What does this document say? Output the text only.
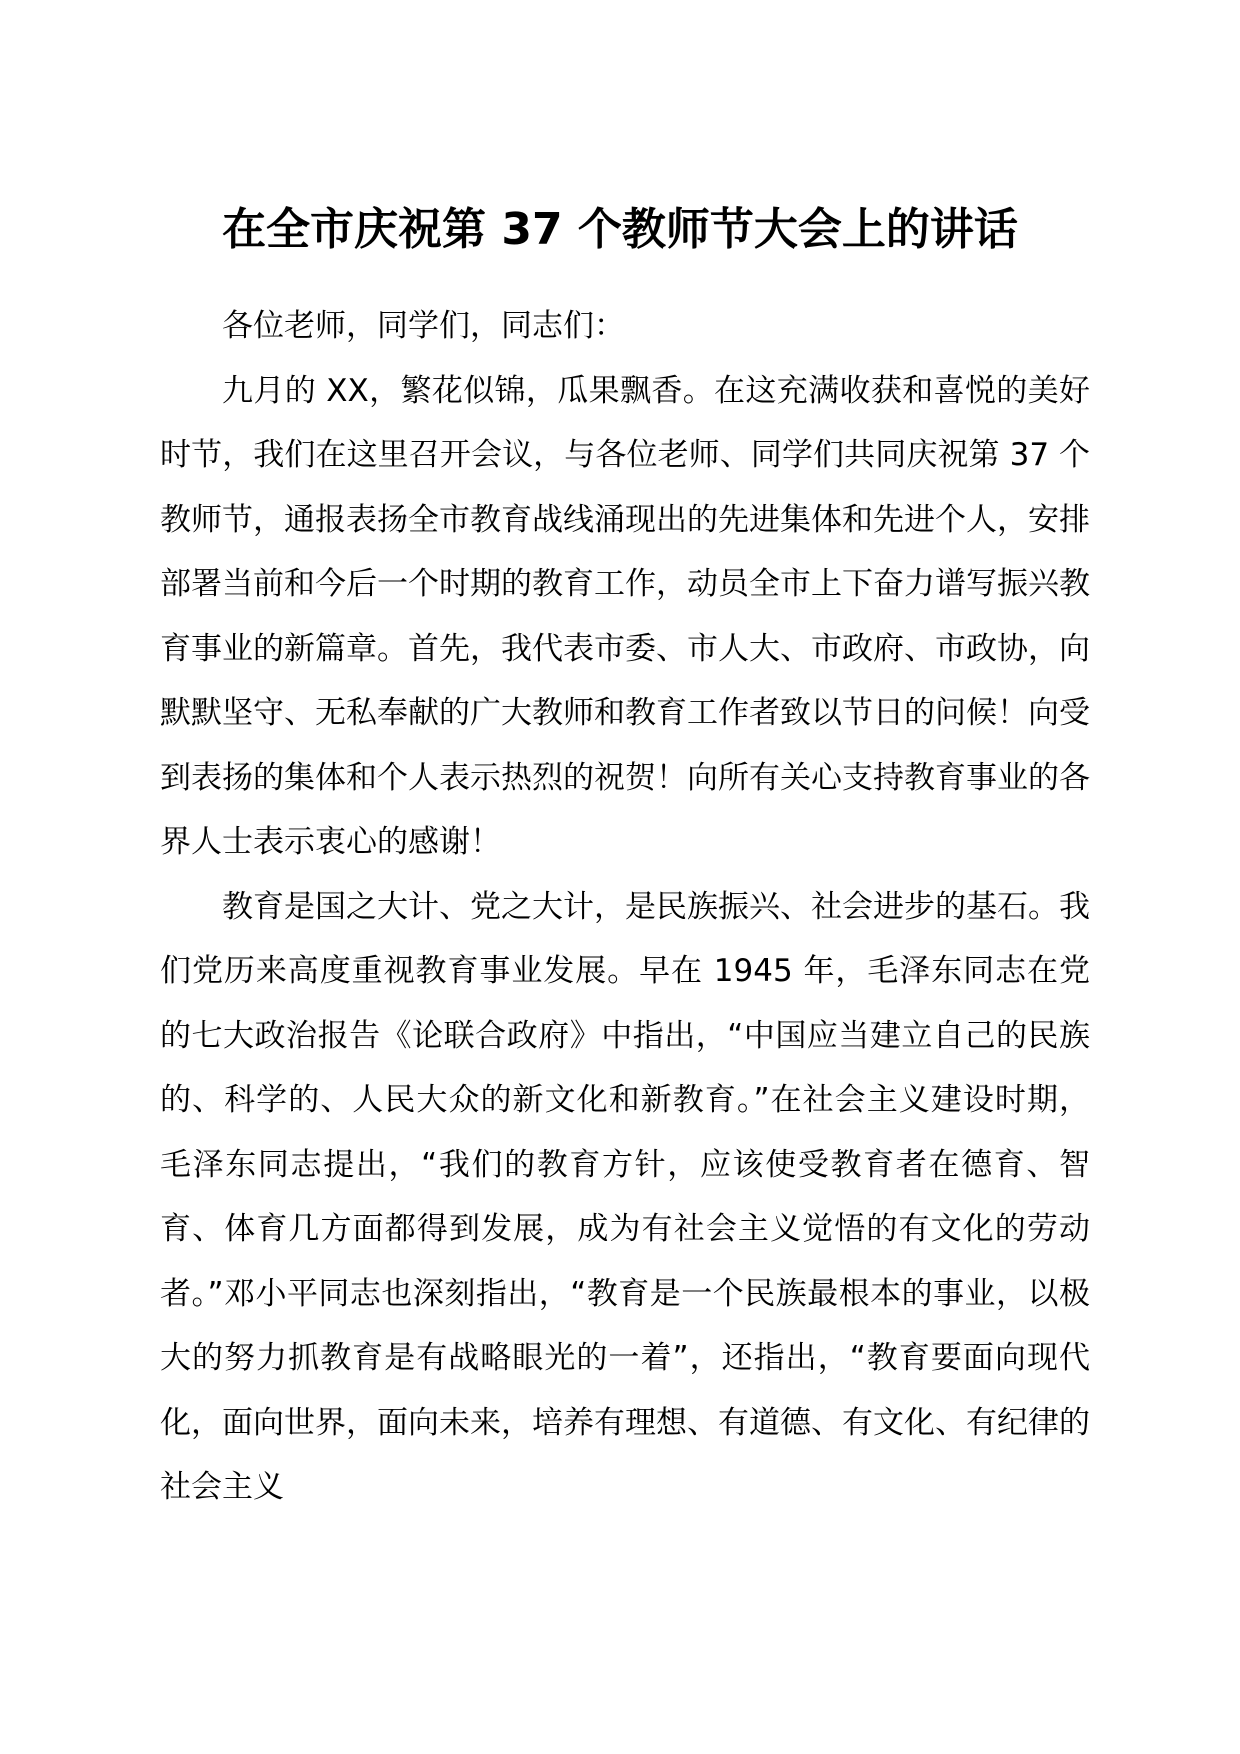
在全市庆祝第 37 个教师节大会上的讲话

各位老师，同学们，同志们：

九月的 XX，繁花似锦，瓜果飘香。在这充满收获和喜悦的美好时节，我们在这里召开会议，与各位老师、同学们共同庆祝第 37 个教师节，通报表扬全市教育战线涌现出的先进集体和先进个人，安排部署当前和今后一个时期的教育工作，动员全市上下奋力谱写振兴教育事业的新篇章。首先，我代表市委、市人大、市政府、市政协，向默默坚守、无私奉献的广大教师和教育工作者致以节日的问候！向受到表扬的集体和个人表示热烈的祝贺！向所有关心支持教育事业的各界人士表示衷心的感谢！

教育是国之大计、党之大计，是民族振兴、社会进步的基石。我们党历来高度重视教育事业发展。早在 1945 年，毛泽东同志在党的七大政治报告《论联合政府》中指出，“中国应当建立自己的民族的、科学的、人民大众的新文化和新教育。”在社会主义建设时期，毛泽东同志提出，“我们的教育方针，应该使受教育者在德育、智育、体育几方面都得到发展，成为有社会主义觉悟的有文化的劳动者。”邓小平同志也深刻指出，“教育是一个民族最根本的事业，以极大的努力抓教育是有战略眼光的一着”，还指出，“教育要面向现代化，面向世界，面向未来，培养有理想、有道德、有文化、有纪律的社会主义
